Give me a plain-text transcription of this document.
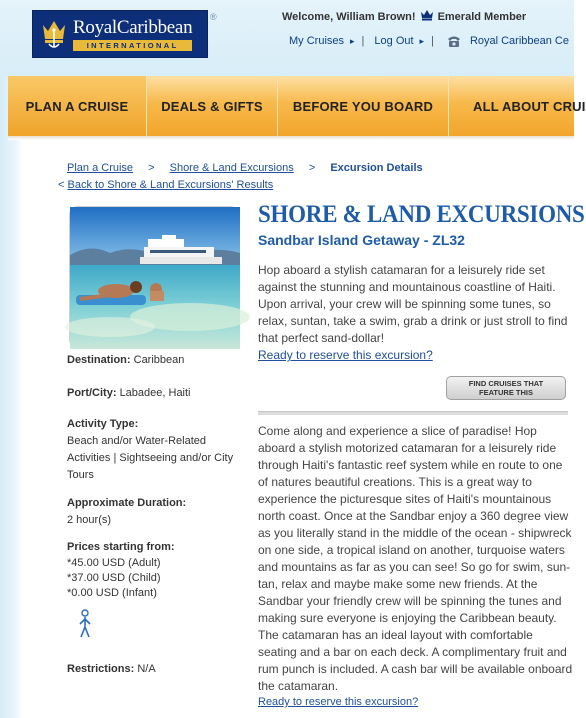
RoyalCaribbean
INTERNATIONAL
®	Welcome, William Brown! Emerald Member
My Cruises ▸ | Log Out ▸ |	Royal Caribbean Ce
PLAN A CRUISE	DEALS & GIFTS	BEFORE YOU BOARD	ALL ABOUT CRUI
Plan a Cruise > Shore & Land Excursions > Excursion Details
< Back to Shore & Land Excursions' Results
Destination: Caribbean
Port/City: Labadee, Haiti
Activity Type:
Beach and/or Water-Related Activities | Sightseeing and/or City Tours
Approximate Duration:
2 hour(s)
Prices starting from:
*45.00 USD (Adult)
*37.00 USD (Child)
*0.00 USD (Infant)
Restrictions: N/A
SHORE & LAND EXCURSIONS
Sandbar Island Getaway - ZL32
Hop aboard a stylish catamaran for a leisurely ride set against the stunning and mountainous coastline of Haiti. Upon arrival, your crew will be spinning some tunes, so relax, suntan, take a swim, grab a drink or just stroll to find that perfect sand-dollar!
Ready to reserve this excursion?
FIND CRUISES THAT FEATURE THIS
Come along and experience a slice of paradise! Hop aboard a stylish motorized catamaran for a leisurely ride through Haiti's fantastic reef system while en route to one of natures beautiful creations. This is a great way to experience the picturesque sites of Haiti's mountainous north coast. Once at the Sandbar enjoy a 360 degree view as you literally stand in the middle of the ocean - shipwreck on one side, a tropical island on another, turquoise waters and mountains as far as you can see! So go for swim, sun-tan, relax and maybe make some new friends. At the Sandbar your friendly crew will be spinning the tunes and making sure everyone is enjoying the Caribbean beauty. The catamaran has an ideal layout with comfortable seating and a bar on each deck. A complimentary fruit and rum punch is included. A cash bar will be available onboard the catamaran.
Ready to reserve this excursion?
